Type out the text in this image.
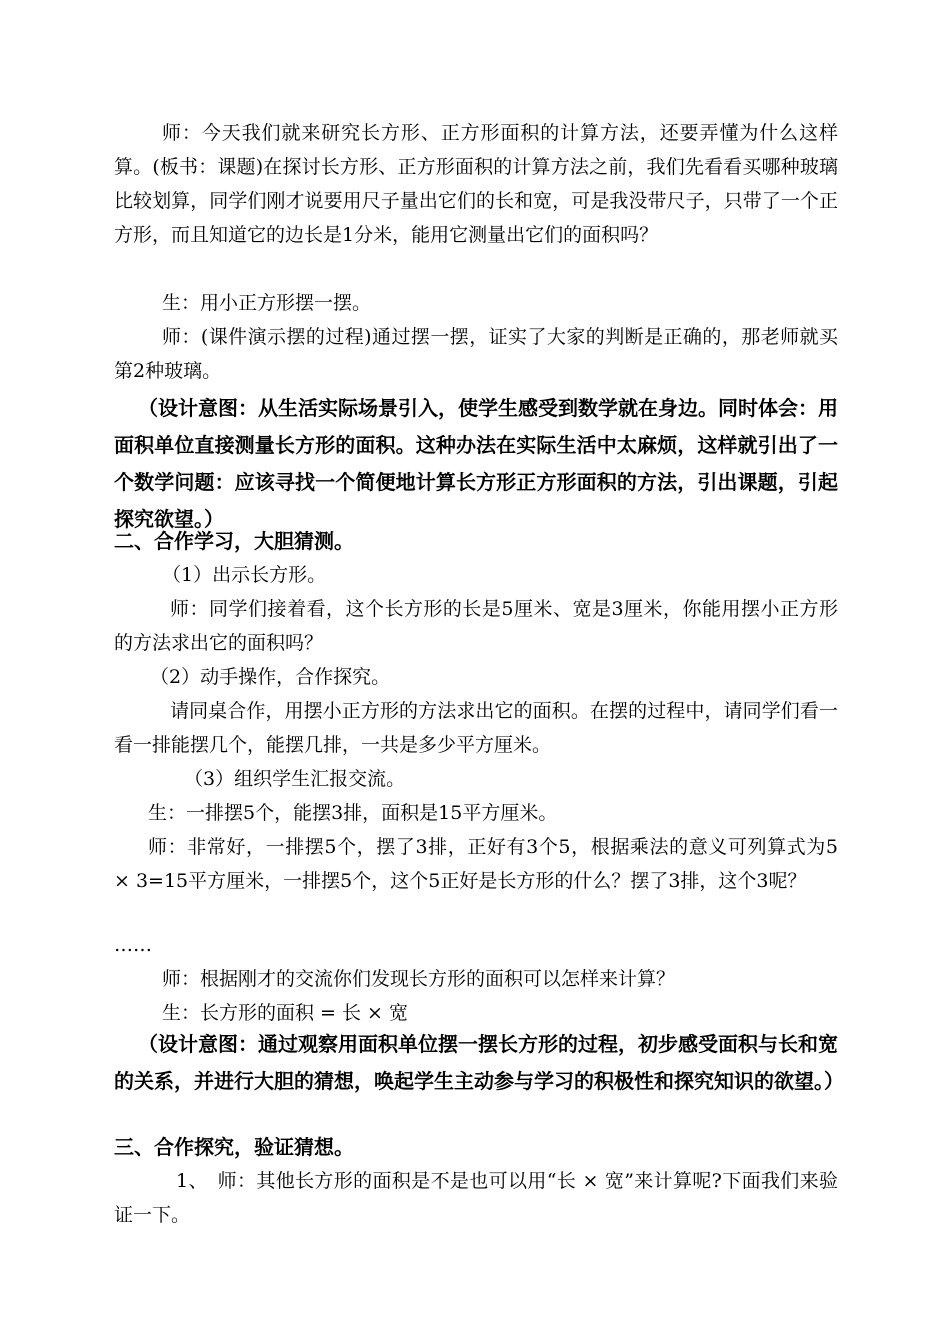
师：今天我们就来研究长方形、正方形面积的计算方法，还要弄懂为什么这样算。(板书：课题)在探讨长方形、正方形面积的计算方法之前，我们先看看买哪种玻璃比较划算，同学们刚才说要用尺子量出它们的长和宽，可是我没带尺子，只带了一个正方形，而且知道它的边长是1分米，能用它测量出它们的面积吗？

生：用小正方形摆一摆。

师：(课件演示摆的过程)通过摆一摆，证实了大家的判断是正确的，那老师就买第2种玻璃。

（设计意图：从生活实际场景引入，使学生感受到数学就在身边。同时体会：用面积单位直接测量长方形的面积。这种办法在实际生活中太麻烦，这样就引出了一个数学问题：应该寻找一个简便地计算长方形正方形面积的方法，引出课题，引起探究欲望。）

二、合作学习，大胆猜测。

（1）出示长方形。

师：同学们接着看，这个长方形的长是5厘米、宽是3厘米，你能用摆小正方形的方法求出它的面积吗？

（2）动手操作，合作探究。

请同桌合作，用摆小正方形的方法求出它的面积。在摆的过程中，请同学们看一看一排能摆几个，能摆几排，一共是多少平方厘米。

（3）组织学生汇报交流。

生：一排摆5个，能摆3排，面积是15平方厘米。

师：非常好，一排摆5个，摆了3排，正好有3个5，根据乘法的意义可列算式为5 × 3=15平方厘米，一排摆5个，这个5正好是长方形的什么？摆了3排，这个3呢？

……

师：根据刚才的交流你们发现长方形的面积可以怎样来计算？

生：长方形的面积 = 长 × 宽

（设计意图：通过观察用面积单位摆一摆长方形的过程，初步感受面积与长和宽的关系，并进行大胆的猜想，唤起学生主动参与学习的积极性和探究知识的欲望。）

三、合作探究，验证猜想。

1、　师：其他长方形的面积是不是也可以用“长 × 宽”来计算呢?下面我们来验证一下。
